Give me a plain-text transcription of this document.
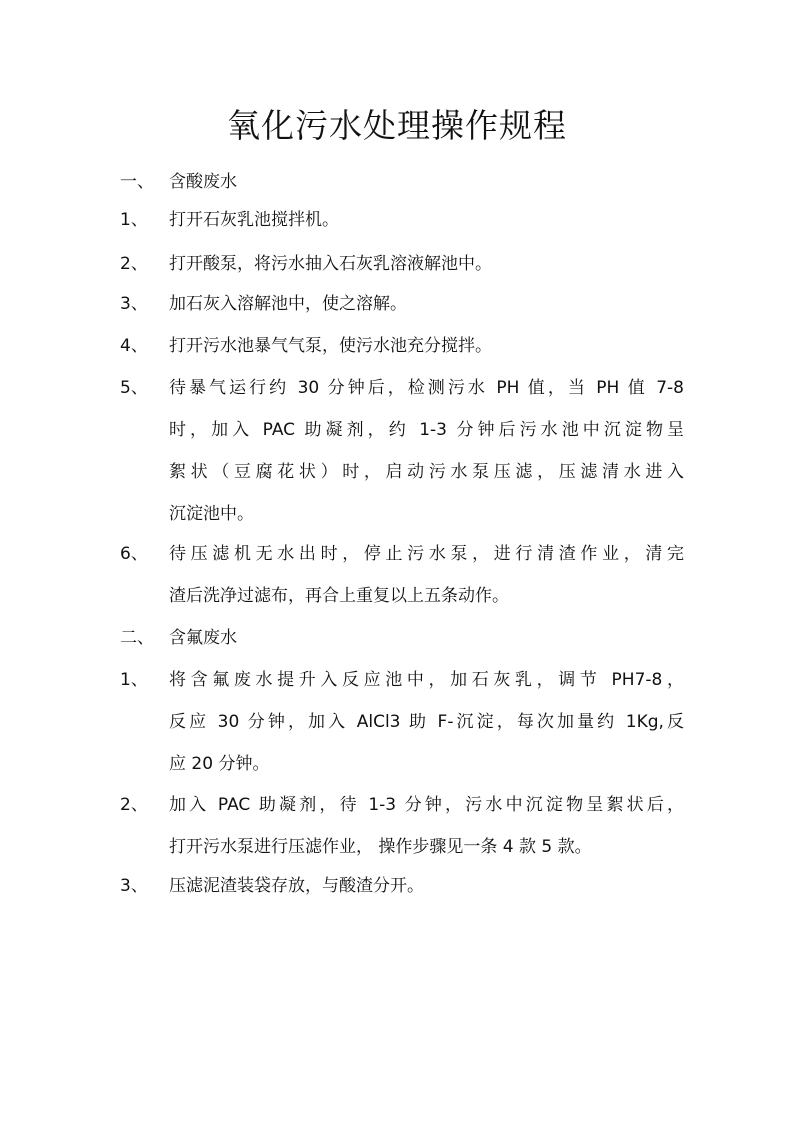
氧化污水处理操作规程
一、 含酸废水
1、 打开石灰乳池搅拌机。
2、 打开酸泵，将污水抽入石灰乳溶液解池中。
3、 加石灰入溶解池中，使之溶解。
4、 打开污水池暴气气泵，使污水池充分搅拌。
5、 待暴气运行约 30 分钟后，检测污水 PH 值，当 PH 值 7-8
时，加入 PAC 助凝剂，约 1-3 分钟后污水池中沉淀物呈
絮状（豆腐花状）时，启动污水泵压滤，压滤清水进入
沉淀池中。
6、 待压滤机无水出时，停止污水泵，进行清渣作业，清完
渣后洗净过滤布，再合上重复以上五条动作。
二、 含氟废水
1、 将含氟废水提升入反应池中，加石灰乳，调节 PH7-8，
反应 30 分钟，加入 AlCl3 助 F-沉淀，每次加量约 1Kg,反
应 20 分钟。
2、 加入 PAC 助凝剂，待 1-3 分钟，污水中沉淀物呈絮状后，
打开污水泵进行压滤作业， 操作步骤见一条 4 款 5 款。
3、 压滤泥渣装袋存放，与酸渣分开。
